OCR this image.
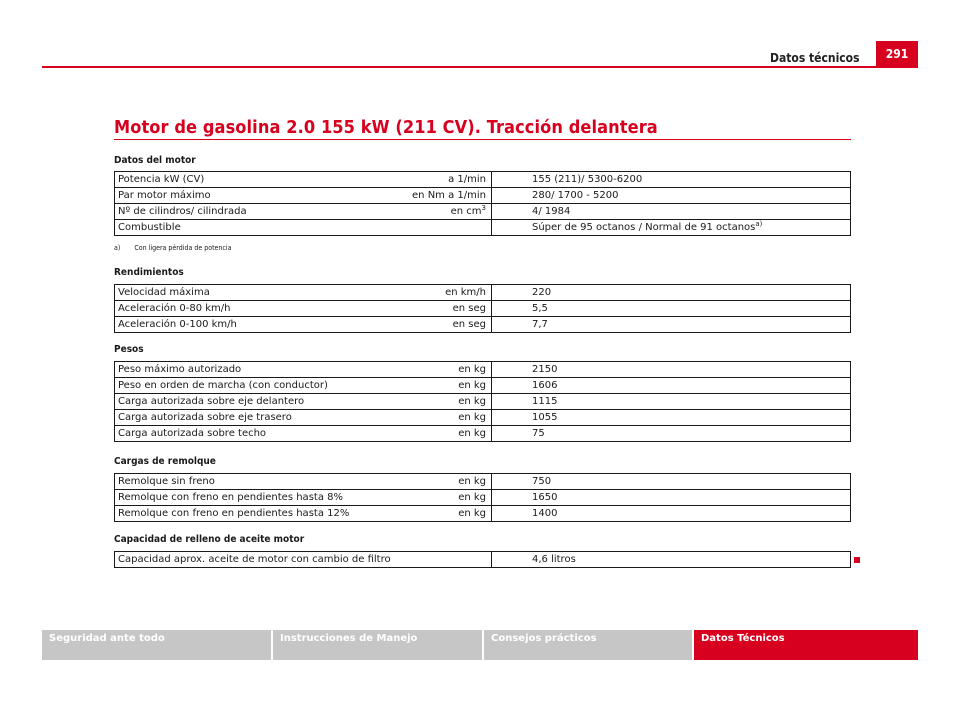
291
Datos técnicos
Motor de gasolina 2.0 155 kW (211 CV). Tracción delantera
Datos del motor
Potencia kW (CV)	a 1/min	155 (211)/ 5300-6200
Par motor máximo	en Nm a 1/min	280/ 1700 - 5200
Nº de cilindros/ cilindrada	en $cm^3$	4/ 1984
Combustible		Súper de 95 octanos / Normal de 91 octanos$^{a)}$
a) Con ligera pérdida de potencia
Rendimientos
Velocidad máxima	en km/h	220
Aceleración 0-80 km/h	en seg	5,5
Aceleración 0-100 km/h	en seg	7,7
Pesos
Peso máximo autorizado	en kg	2150
Peso en orden de marcha (con conductor)	en kg	1606
Carga autorizada sobre eje delantero	en kg	1115
Carga autorizada sobre eje trasero	en kg	1055
Carga autorizada sobre techo	en kg	75
Cargas de remolque
Remolque sin freno	en kg	750
Remolque con freno en pendientes hasta 8%	en kg	1650
Remolque con freno en pendientes hasta 12%	en kg	1400
Capacidad de relleno de aceite motor
Capacidad aprox. aceite de motor con cambio de filtro		4,6 litros
Seguridad ante todo	Instrucciones de Manejo	Consejos prácticos	Datos Técnicos
